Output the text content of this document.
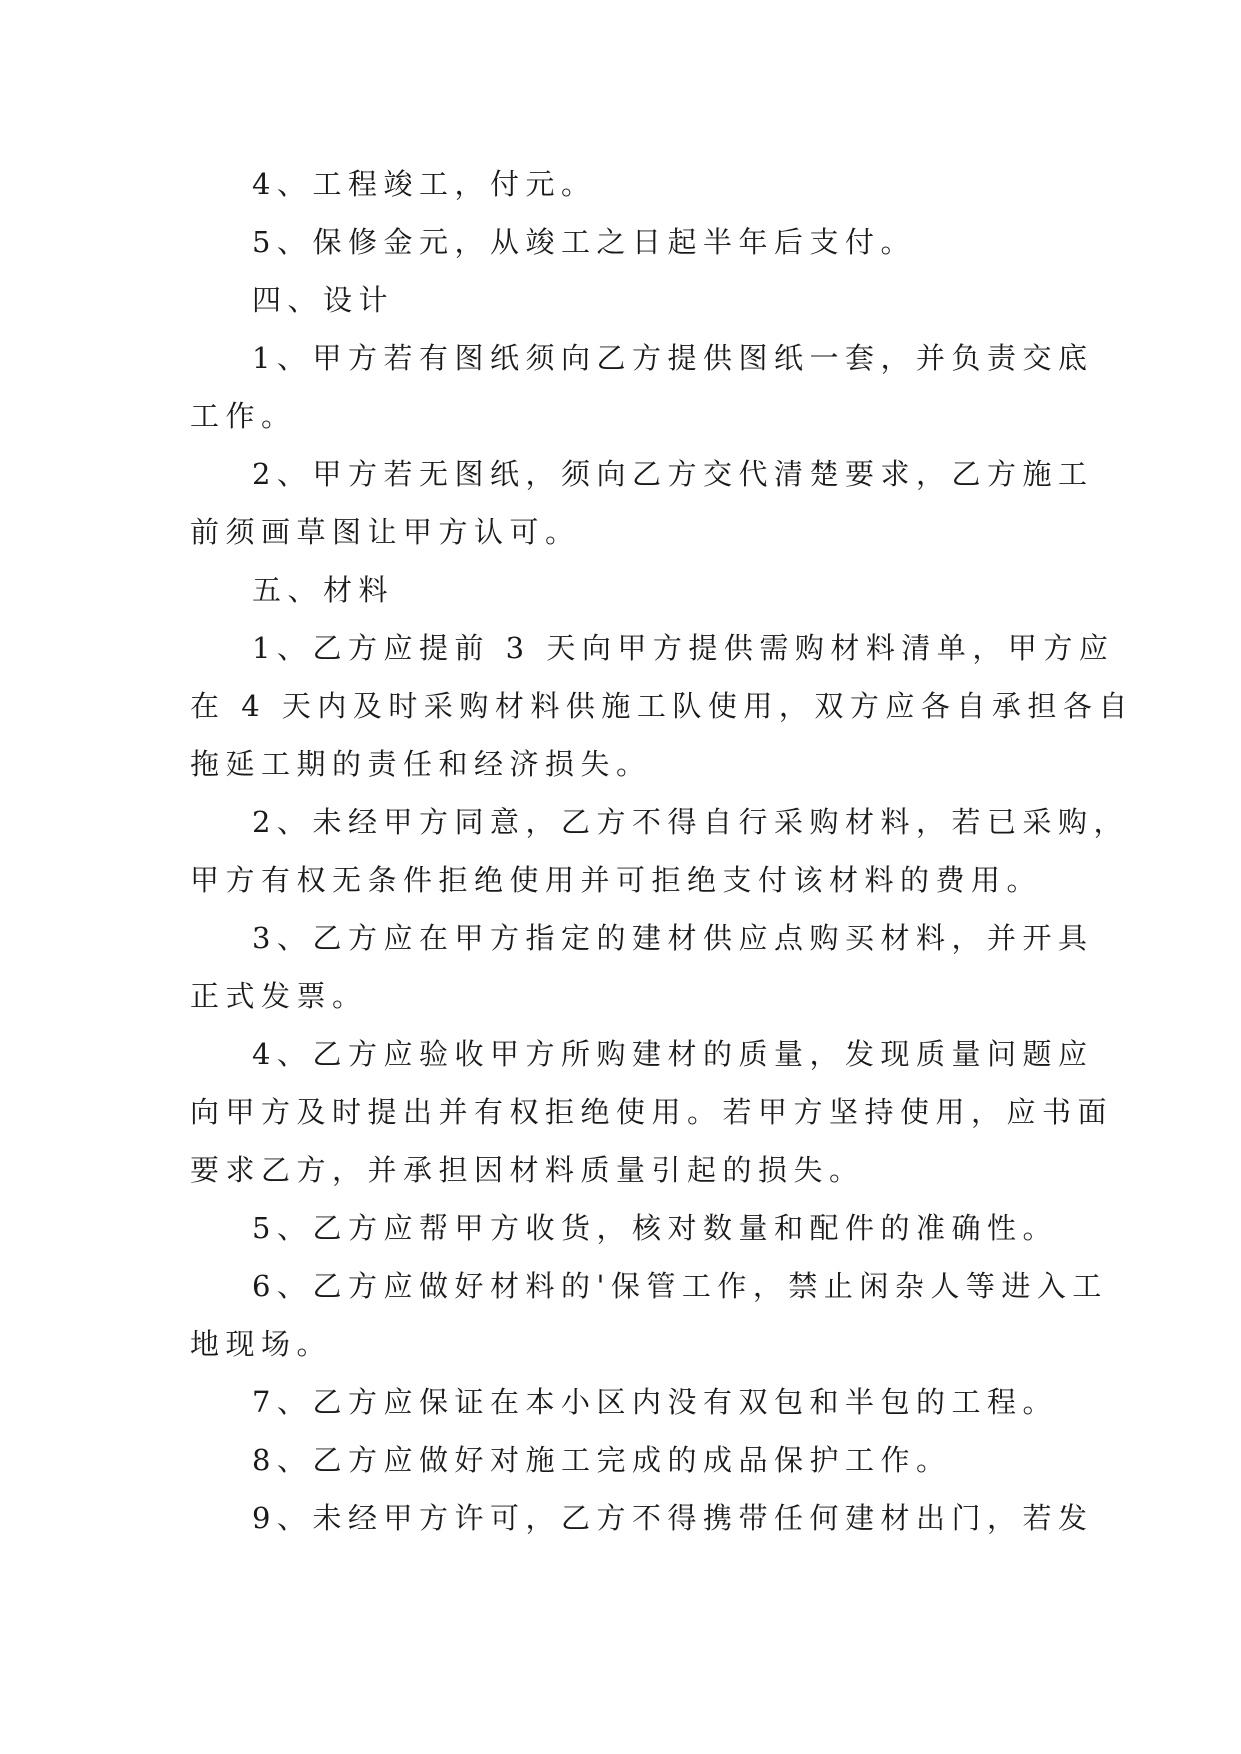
4、工程竣工，付元。
5、保修金元，从竣工之日起半年后支付。
四、设计
1、甲方若有图纸须向乙方提供图纸一套，并负责交底
工作。
2、甲方若无图纸，须向乙方交代清楚要求，乙方施工
前须画草图让甲方认可。
五、材料
1、乙方应提前 3 天向甲方提供需购材料清单，甲方应
在 4 天内及时采购材料供施工队使用，双方应各自承担各自
拖延工期的责任和经济损失。
2、未经甲方同意，乙方不得自行采购材料，若已采购，
甲方有权无条件拒绝使用并可拒绝支付该材料的费用。
3、乙方应在甲方指定的建材供应点购买材料，并开具
正式发票。
4、乙方应验收甲方所购建材的质量，发现质量问题应
向甲方及时提出并有权拒绝使用。若甲方坚持使用，应书面
要求乙方，并承担因材料质量引起的损失。
5、乙方应帮甲方收货，核对数量和配件的准确性。
6、乙方应做好材料的'保管工作，禁止闲杂人等进入工
地现场。
7、乙方应保证在本小区内没有双包和半包的工程。
8、乙方应做好对施工完成的成品保护工作。
9、未经甲方许可，乙方不得携带任何建材出门，若发
